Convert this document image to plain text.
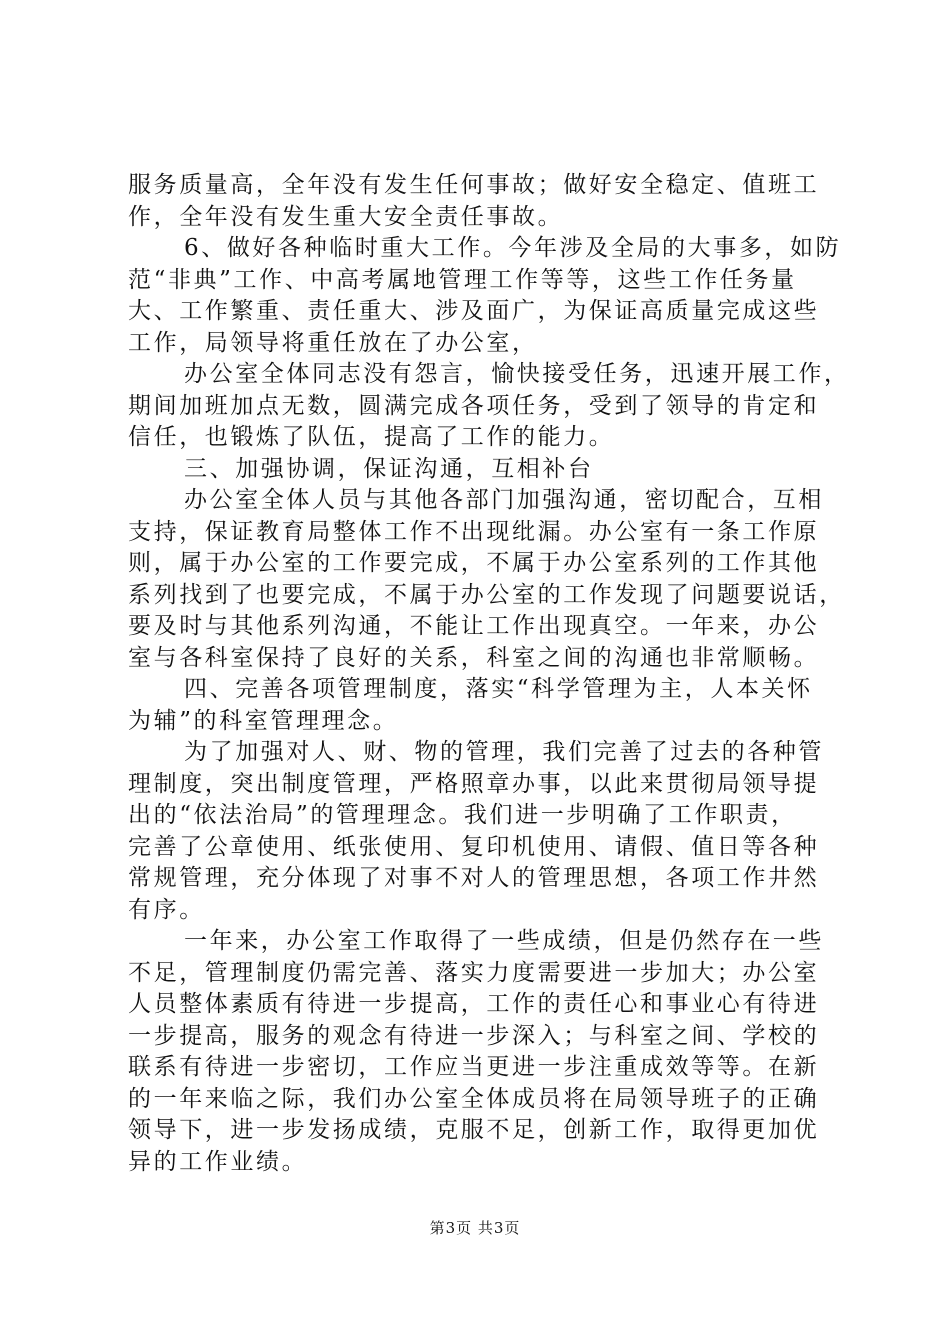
服务质量高，全年没有发生任何事故；做好安全稳定、值班工
作，全年没有发生重大安全责任事故。
6、做好各种临时重大工作。今年涉及全局的大事多，如防
范“非典”工作、中高考属地管理工作等等，这些工作任务量
大、工作繁重、责任重大、涉及面广，为保证高质量完成这些
工作，局领导将重任放在了办公室，
办公室全体同志没有怨言，愉快接受任务，迅速开展工作，
期间加班加点无数，圆满完成各项任务，受到了领导的肯定和
信任，也锻炼了队伍，提高了工作的能力。
三、加强协调，保证沟通，互相补台
办公室全体人员与其他各部门加强沟通，密切配合，互相
支持，保证教育局整体工作不出现纰漏。办公室有一条工作原
则，属于办公室的工作要完成，不属于办公室系列的工作其他
系列找到了也要完成，不属于办公室的工作发现了问题要说话，
要及时与其他系列沟通，不能让工作出现真空。一年来，办公
室与各科室保持了良好的关系，科室之间的沟通也非常顺畅。
四、完善各项管理制度，落实“科学管理为主，人本关怀
为辅”的科室管理理念。
为了加强对人、财、物的管理，我们完善了过去的各种管
理制度，突出制度管理，严格照章办事，以此来贯彻局领导提
出的“依法治局”的管理理念。我们进一步明确了工作职责，
完善了公章使用、纸张使用、复印机使用、请假、值日等各种
常规管理，充分体现了对事不对人的管理思想，各项工作井然
有序。
一年来，办公室工作取得了一些成绩，但是仍然存在一些
不足，管理制度仍需完善、落实力度需要进一步加大；办公室
人员整体素质有待进一步提高，工作的责任心和事业心有待进
一步提高，服务的观念有待进一步深入；与科室之间、学校的
联系有待进一步密切，工作应当更进一步注重成效等等。在新
的一年来临之际，我们办公室全体成员将在局领导班子的正确
领导下，进一步发扬成绩，克服不足，创新工作，取得更加优
异的工作业绩。
第3页 共3页
